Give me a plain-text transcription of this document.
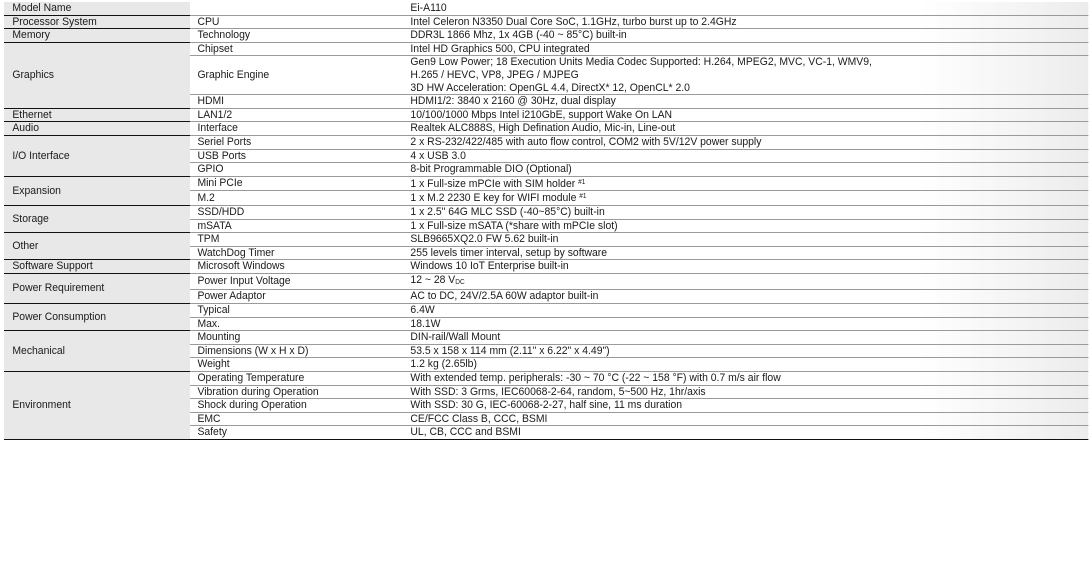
Model Name		Ei-A110	
Processor System	CPU	Intel Celeron N3350 Dual Core SoC, 1.1GHz, turbo burst up to 2.4GHz	
Memory	Technology	DDR3L 1866 Mhz, 1x 4GB (-40 ~ 85°C) built-in	
Graphics	Chipset	Intel HD Graphics 500, CPU integrated	
	Graphic Engine	Gen9 Low Power; 18 Execution Units Media Codec Supported: H.264, MPEG2, MVC, VC-1, WMV9,	
		H.265 / HEVC, VP8, JPEG / MJPEG	
		3D HW Acceleration: OpenGL 4.4, DirectX* 12, OpenCL* 2.0	
	HDMI	HDMI1/2: 3840 x 2160 @ 30Hz, dual display	
Ethernet	LAN1/2	10/100/1000 Mbps Intel i210GbE, support Wake On LAN	
Audio	Interface	Realtek ALC888S, High Defination Audio, Mic-in, Line-out	
I/O Interface	Seriel Ports	2 x RS-232/422/485 with auto flow control, COM2 with 5V/12V power supply	
	USB Ports	4 x USB 3.0	
	GPIO	8-bit Programmable DIO (Optional)	
Expansion	Mini PCIe	1 x Full-size mPCIe with SIM holder $^{\#1}$	
	M.2	1 x M.2 2230 E key for WIFI module $^{\#1}$	
Storage	SSD/HDD	1 x 2.5" 64G MLC SSD (-40~85°C) built-in	
	mSATA	1 x Full-size mSATA (*share with mPCIe slot)	
Other	TPM	SLB9665XQ2.0 FW 5.62 built-in	
	WatchDog Timer	255 levels timer interval, setup by software	
Software Support	Microsoft Windows	Windows 10 IoT Enterprise built-in	
Power Requirement	Power Input Voltage	12 ~ 28 $V_{DC}$	
	Power Adaptor	AC to DC, 24V/2.5A 60W adaptor built-in	
Power Consumption	Typical	6.4W	
	Max.	18.1W	
Mechanical	Mounting	DIN-rail/Wall Mount	
	Dimensions (W x H x D)	53.5 x 158 x 114 mm (2.11" x 6.22" x 4.49")	
	Weight	1.2 kg (2.65lb)	
Environment	Operating Temperature	With extended temp. peripherals: -30 ~ 70 °C (-22 ~ 158 °F) with 0.7 m/s air flow	
	Vibration during Operation	With SSD: 3 Grms, IEC60068-2-64, random, 5~500 Hz, 1hr/axis	
	Shock during Operation	With SSD: 30 G, IEC-60068-2-27, half sine, 11 ms duration	
	EMC	CE/FCC Class B, CCC, BSMI	
	Safety	UL, CB, CCC and BSMI	
